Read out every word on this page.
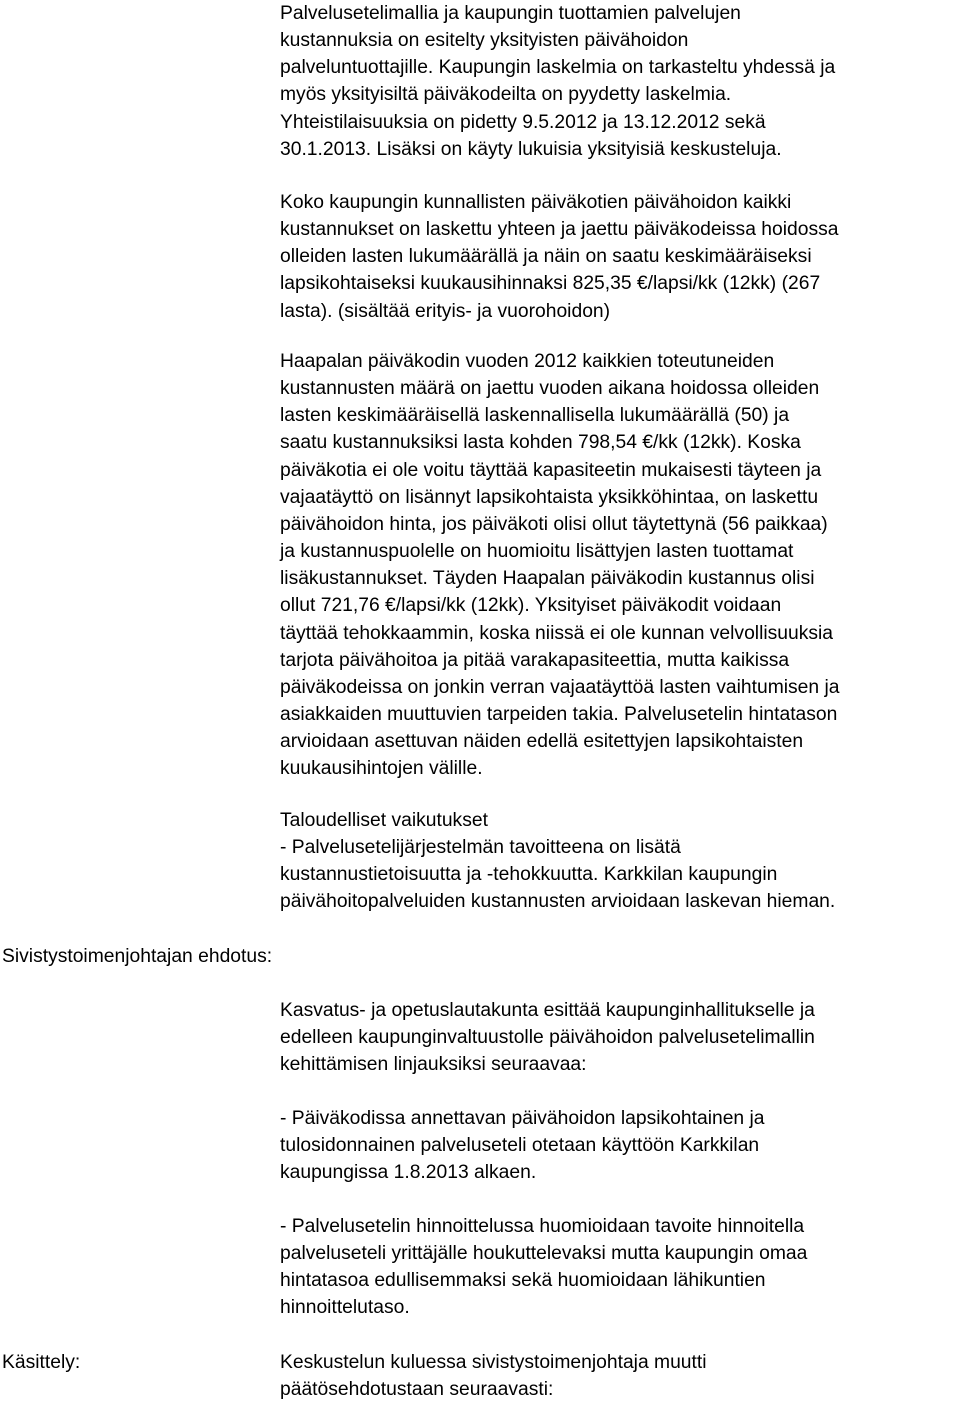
Palvelusetelimallia ja kaupungin tuottamien palvelujen
kustannuksia on esitelty yksityisten päivähoidon
palveluntuottajille. Kaupungin laskelmia on tarkasteltu yhdessä ja
myös yksityisiltä päiväkodeilta on pyydetty laskelmia.
Yhteistilaisuuksia on pidetty 9.5.2012 ja 13.12.2012 sekä
30.1.2013. Lisäksi on käyty lukuisia yksityisiä keskusteluja.

Koko kaupungin kunnallisten päiväkotien päivähoidon kaikki
kustannukset on laskettu yhteen ja jaettu päiväkodeissa hoidossa
olleiden lasten lukumäärällä ja näin on saatu keskimääräiseksi
lapsikohtaiseksi kuukausihinnaksi 825,35 €/lapsi/kk (12kk) (267
lasta). (sisältää erityis- ja vuorohoidon)

Haapalan päiväkodin vuoden 2012 kaikkien toteutuneiden
kustannusten määrä on jaettu vuoden aikana hoidossa olleiden
lasten keskimääräisellä laskennallisella lukumäärällä (50) ja
saatu kustannuksiksi lasta kohden 798,54 €/kk (12kk). Koska
päiväkotia ei ole voitu täyttää kapasiteetin mukaisesti täyteen ja
vajaatäyttö on lisännyt lapsikohtaista yksikköhintaa, on laskettu
päivähoidon hinta, jos päiväkoti olisi ollut täytettynä (56 paikkaa)
ja kustannuspuolelle on huomioitu lisättyjen lasten tuottamat
lisäkustannukset. Täyden Haapalan päiväkodin kustannus olisi
ollut 721,76 €/lapsi/kk (12kk). Yksityiset päiväkodit voidaan
täyttää tehokkaammin, koska niissä ei ole kunnan velvollisuuksia
tarjota päivähoitoa ja pitää varakapasiteettia, mutta kaikissa
päiväkodeissa on jonkin verran vajaatäyttöä lasten vaihtumisen ja
asiakkaiden muuttuvien tarpeiden takia. Palvelusetelin hintatason
arvioidaan asettuvan näiden edellä esitettyjen lapsikohtaisten
kuukausihintojen välille.

Taloudelliset vaikutukset
- Palvelusetelijärjestelmän tavoitteena on lisätä
kustannustietoisuutta ja -tehokkuutta. Karkkilan kaupungin
päivähoitopalveluiden kustannusten arvioidaan laskevan hieman.

Sivistystoimenjohtajan ehdotus:

Kasvatus- ja opetuslautakunta esittää kaupunginhallitukselle ja
edelleen kaupunginvaltuustolle päivähoidon palvelusetelimallin
kehittämisen linjauksiksi seuraavaa:

- Päiväkodissa annettavan päivähoidon lapsikohtainen ja
tulosidonnainen palveluseteli otetaan käyttöön Karkkilan
kaupungissa 1.8.2013 alkaen.

- Palvelusetelin hinnoittelussa huomioidaan tavoite hinnoitella
palveluseteli yrittäjälle houkuttelevaksi mutta kaupungin omaa
hintatasoa edullisemmaksi sekä huomioidaan lähikuntien
hinnoittelutaso.

Käsittely:	Keskustelun kuluessa sivistystoimenjohtaja muutti
päätösehdotustaan seuraavasti:
